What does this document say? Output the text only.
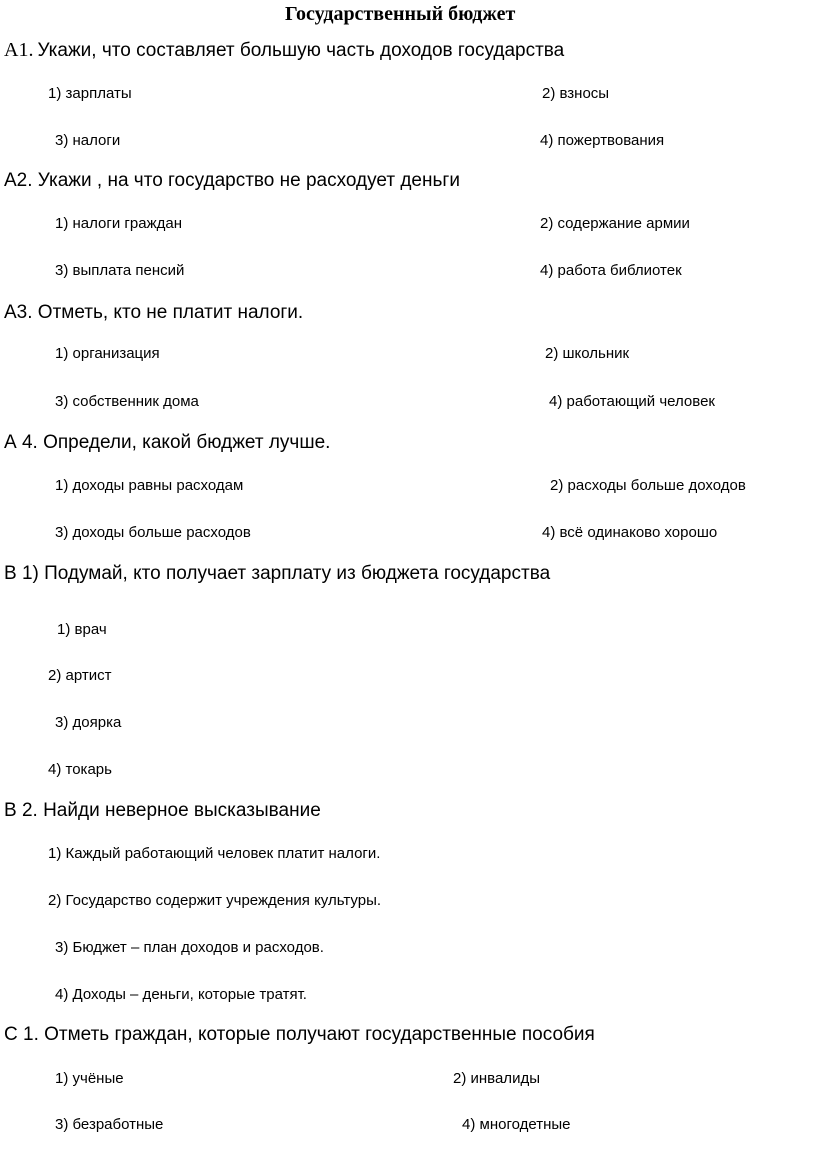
Государственный бюджет
А1. Укажи, что составляет большую часть доходов государства
1) зарплаты	2) взносы
3) налоги	4) пожертвования
А2. Укажи , на что государство не расходует деньги
1) налоги граждан	2) содержание армии
3) выплата пенсий	4) работа библиотек
А3. Отметь, кто не платит налоги.
1) организация	2) школьник
3) собственник дома	4) работающий человек
А 4. Определи, какой бюджет лучше.
1) доходы равны расходам	2) расходы больше доходов
3) доходы больше расходов	4) всё одинаково хорошо
В 1) Подумай, кто получает зарплату из бюджета государства
1) врач
2) артист
3) доярка
4) токарь
В 2. Найди неверное высказывание
1) Каждый работающий человек платит налоги.
2) Государство содержит учреждения культуры.
3) Бюджет – план доходов и расходов.
4) Доходы – деньги, которые тратят.
С 1. Отметь граждан, которые получают государственные пособия
1) учёные	2) инвалиды
3) безработные	4) многодетные
